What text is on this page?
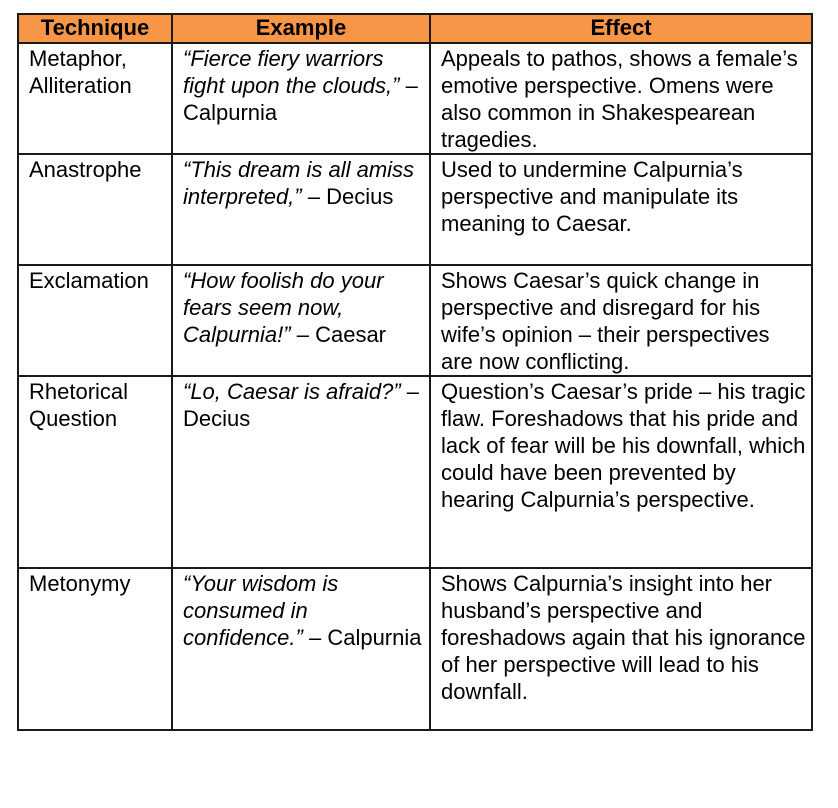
Technique	Example	Effect
Metaphor, Alliteration	“Fierce fiery warriors fight upon the clouds,” – Calpurnia	Appeals to pathos, shows a female’s emotive perspective. Omens were also common in Shakespearean tragedies.
Anastrophe	“This dream is all amiss interpreted,” – Decius	Used to undermine Calpurnia’s perspective and manipulate its meaning to Caesar.
Exclamation	“How foolish do your fears seem now, Calpurnia!” – Caesar	Shows Caesar’s quick change in perspective and disregard for his wife’s opinion – their perspectives are now conflicting.
Rhetorical Question	“Lo, Caesar is afraid?” – Decius	Question’s Caesar’s pride – his tragic flaw. Foreshadows that his pride and lack of fear will be his downfall, which could have been prevented by hearing Calpurnia’s perspective.
Metonymy	“Your wisdom is consumed in confidence.” – Calpurnia	Shows Calpurnia’s insight into her husband’s perspective and foreshadows again that his ignorance of her perspective will lead to his downfall.
